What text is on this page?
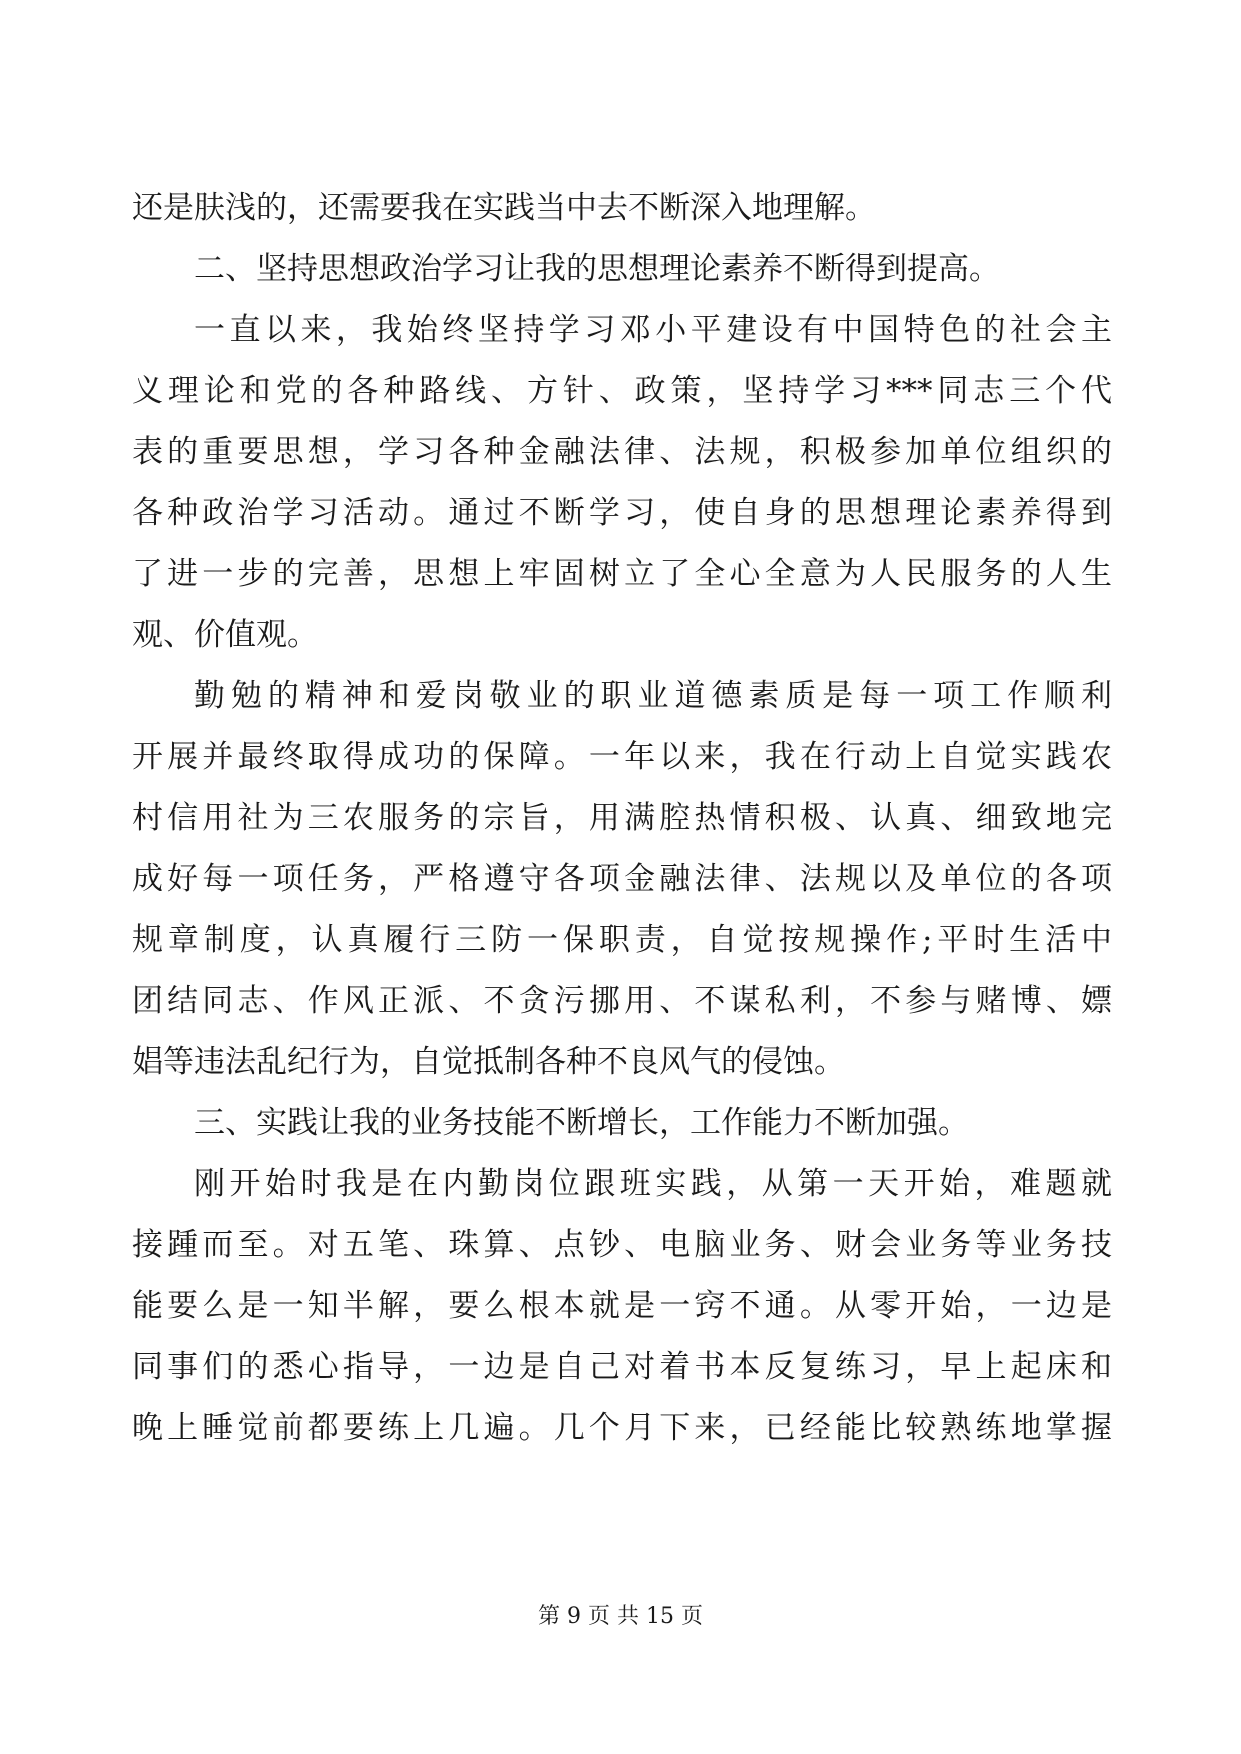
还是肤浅的，还需要我在实践当中去不断深入地理解。
二、坚持思想政治学习让我的思想理论素养不断得到提高。
一直以来，我始终坚持学习邓小平建设有中国特色的社会主
义理论和党的各种路线、方针、政策，坚持学习***同志三个代
表的重要思想，学习各种金融法律、法规，积极参加单位组织的
各种政治学习活动。通过不断学习，使自身的思想理论素养得到
了进一步的完善，思想上牢固树立了全心全意为人民服务的人生
观、价值观。
勤勉的精神和爱岗敬业的职业道德素质是每一项工作顺利
开展并最终取得成功的保障。一年以来，我在行动上自觉实践农
村信用社为三农服务的宗旨，用满腔热情积极、认真、细致地完
成好每一项任务，严格遵守各项金融法律、法规以及单位的各项
规章制度，认真履行三防一保职责，自觉按规操作;平时生活中
团结同志、作风正派、不贪污挪用、不谋私利，不参与赌博、嫖
娼等违法乱纪行为，自觉抵制各种不良风气的侵蚀。
三、实践让我的业务技能不断增长，工作能力不断加强。
刚开始时我是在内勤岗位跟班实践，从第一天开始，难题就
接踵而至。对五笔、珠算、点钞、电脑业务、财会业务等业务技
能要么是一知半解，要么根本就是一窍不通。从零开始，一边是
同事们的悉心指导，一边是自己对着书本反复练习，早上起床和
晚上睡觉前都要练上几遍。几个月下来，已经能比较熟练地掌握
第 9 页 共 15 页
